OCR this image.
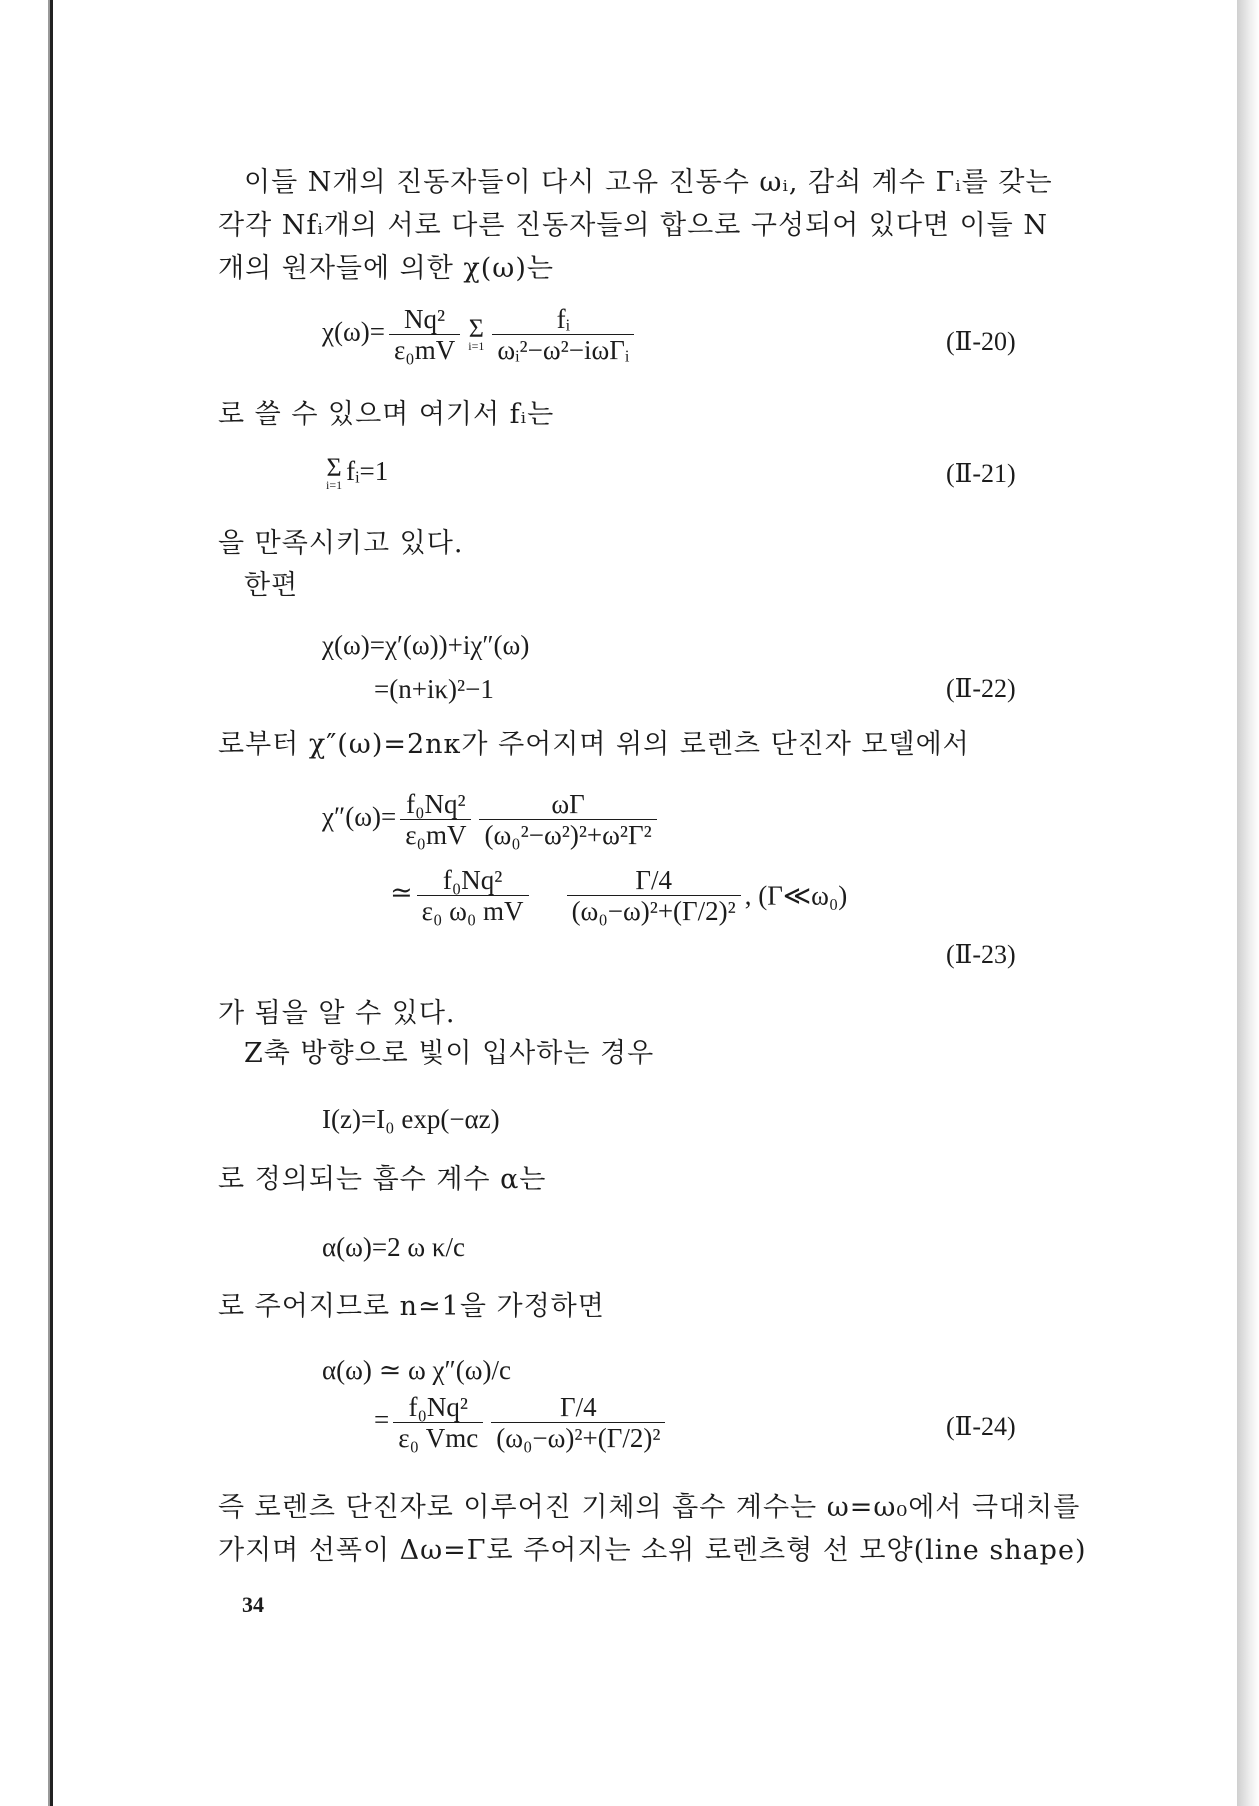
이들 N개의 진동자들이 다시 고유 진동수 ωᵢ, 감쇠 계수 Γᵢ를 갖는
각각 Nfᵢ개의 서로 다른 진동자들의 합으로 구성되어 있다면 이들 N
개의 원자들에 의한 χ(ω)는
$\chi(\omega)= \frac{\text{Nq²}}{\text{ε₀mV}}$ Σ
$i=1 \frac{\text{fᵢ}}{\text{ωᵢ²−ω²−iωΓᵢ}}$	(Ⅱ-20)
로 쓸 수 있으며 여기서 fᵢ는
Σ
i=1 fᵢ=1	(Ⅱ-21)
을 만족시키고 있다.
한편
χ(ω)=χ′(ω))+iχ″(ω)
=(n+iκ)²−1	(Ⅱ-22)
로부터 χ″(ω)=2nκ가 주어지며 위의 로렌츠 단진자 모델에서
$\chi''(\omega)= \frac{\text{f₀Nq²}}{\text{ε₀mV}} \frac{\omega\Gamma}{\text{(ω₀²−ω²)²+ω²Γ²}}$
≃ $\frac{\text{f₀Nq²}}{\text{ε₀ ω₀ mV}} \frac{\Gamma/4}{\text{(ω₀−ω)²+(Γ/2)²}}$ , (Γ≪ω₀)
(Ⅱ-23)
가 됨을 알 수 있다.
Z축 방향으로 빛이 입사하는 경우
I(z)=I₀ exp(−αz)
로 정의되는 흡수 계수 α는
α(ω)=2 ω κ/c
로 주어지므로 n≃1을 가정하면
α(ω) ≃ ω χ″(ω)/c
= $\frac{\text{f₀Nq²}}{\text{ε₀ Vmc}} \frac{\Gamma/4}{\text{(ω₀−ω)²+(Γ/2)²}}$	(Ⅱ-24)
즉 로렌츠 단진자로 이루어진 기체의 흡수 계수는 ω=ω₀에서 극대치를
가지며 선폭이 Δω=Γ로 주어지는 소위 로렌츠형 선 모양(line shape)
34
